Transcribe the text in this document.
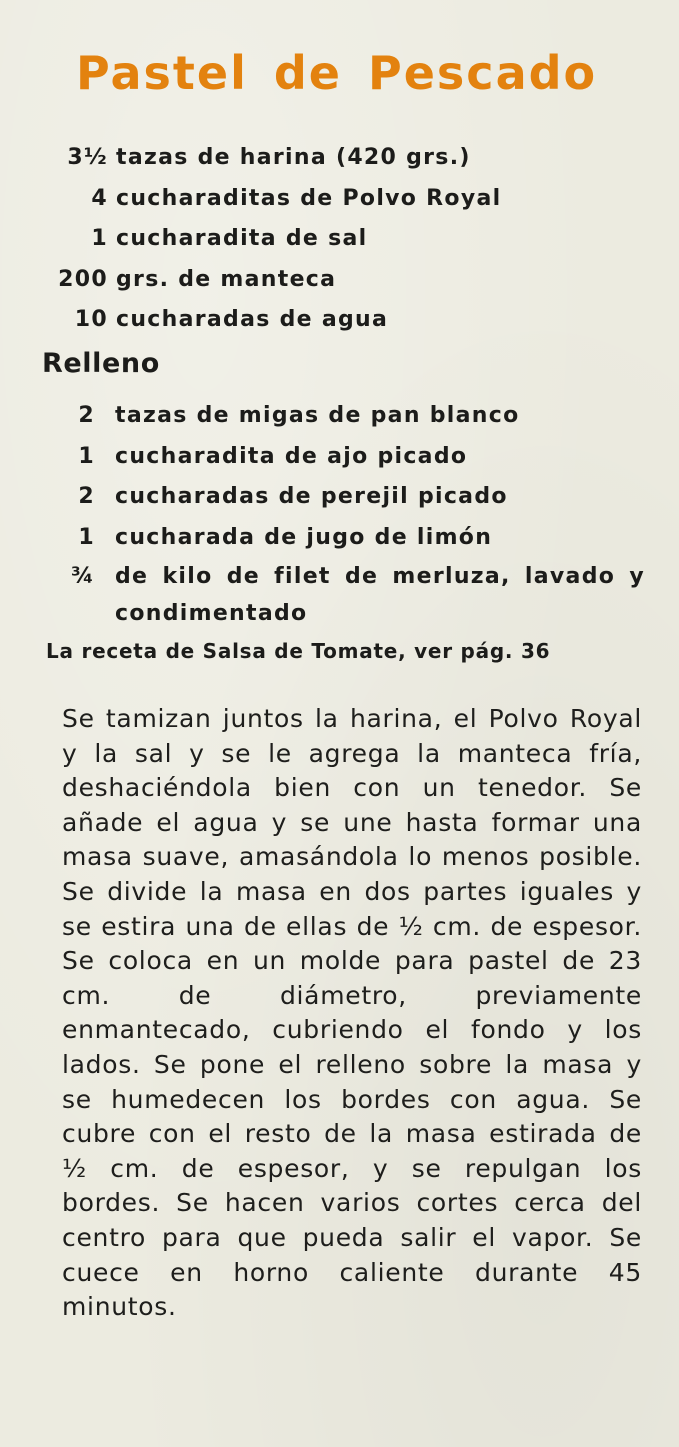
Pastel de Pescado
3½ tazas de harina (420 grs.)
4 cucharaditas de Polvo Royal
1 cucharadita de sal
200 grs. de manteca
10 cucharadas de agua
Relleno
2 tazas de migas de pan blanco
1 cucharadita de ajo picado
2 cucharadas de perejil picado
1 cucharada de jugo de limón
¾ de kilo de filet de merluza, lavado y condimentado

La receta de Salsa de Tomate, ver pág. 36

Se tamizan juntos la harina, el Polvo Royal y la sal y se le agrega la manteca fría, deshaciéndola bien con un tenedor. Se añade el agua y se une hasta formar una masa suave, amasándola lo menos posible. Se divide la masa en dos partes iguales y se estira una de ellas de ½ cm. de espesor. Se coloca en un molde para pastel de 23 cm. de diámetro, previamente enmantecado, cubriendo el fondo y los lados. Se pone el relleno sobre la masa y se humedecen los bordes con agua. Se cubre con el resto de la masa estirada de ½ cm. de espesor, y se repulgan los bordes. Se hacen varios cortes cerca del centro para que pueda salir el vapor. Se cuece en horno caliente durante 45 minutos.
